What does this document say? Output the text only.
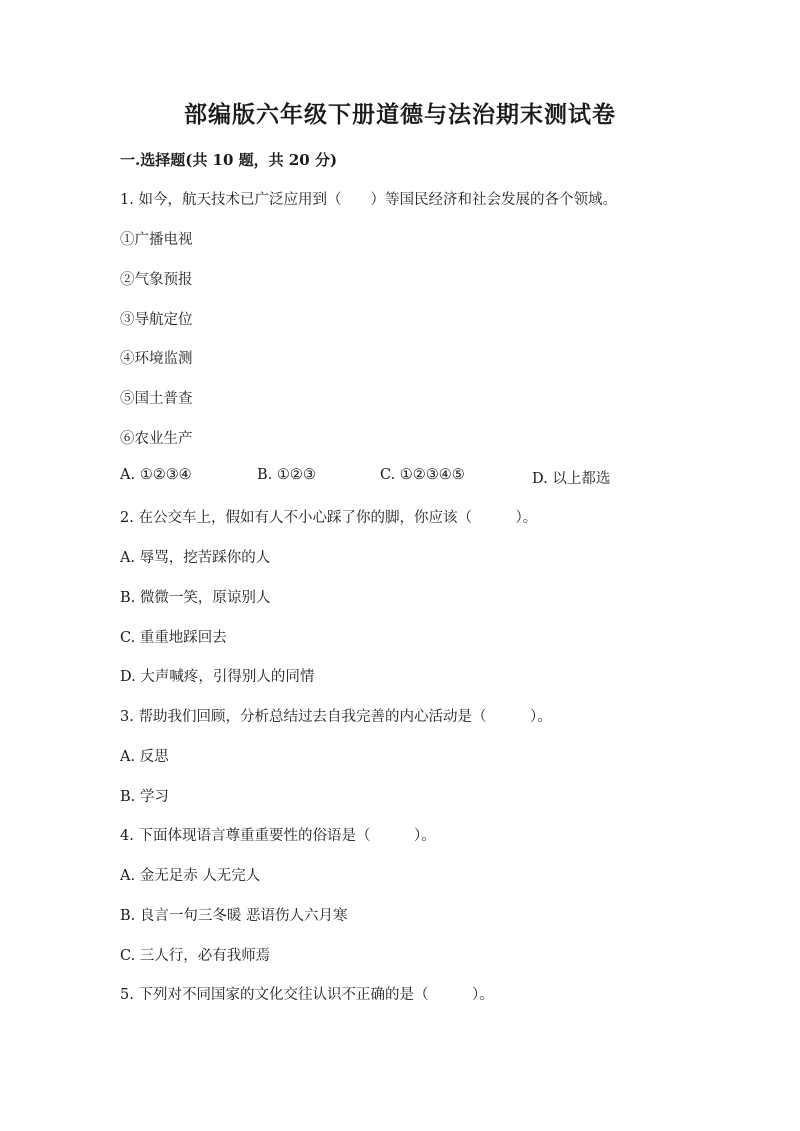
部编版六年级下册道德与法治期末测试卷
一.选择题(共 10 题，共 20 分)
1. 如今，航天技术已广泛应用到（　　）等国民经济和社会发展的各个领域。
①广播电视
②气象预报
③导航定位
④环境监测
⑤国土普查
⑥农业生产
A. ①②③④	B. ①②③	C. ①②③④⑤	D. 以上都选
2. 在公交车上，假如有人不小心踩了你的脚，你应该（　　　）。
A. 辱骂，挖苦踩你的人
B. 微微一笑，原谅别人
C. 重重地踩回去
D. 大声喊疼，引得别人的同情
3. 帮助我们回顾，分析总结过去自我完善的内心活动是（　　　）。
A. 反思
B. 学习
4. 下面体现语言尊重重要性的俗语是（　　　）。
A. 金无足赤 人无完人
B. 良言一句三冬暖 恶语伤人六月寒
C. 三人行，必有我师焉
5. 下列对不同国家的文化交往认识不正确的是（　　　）。
